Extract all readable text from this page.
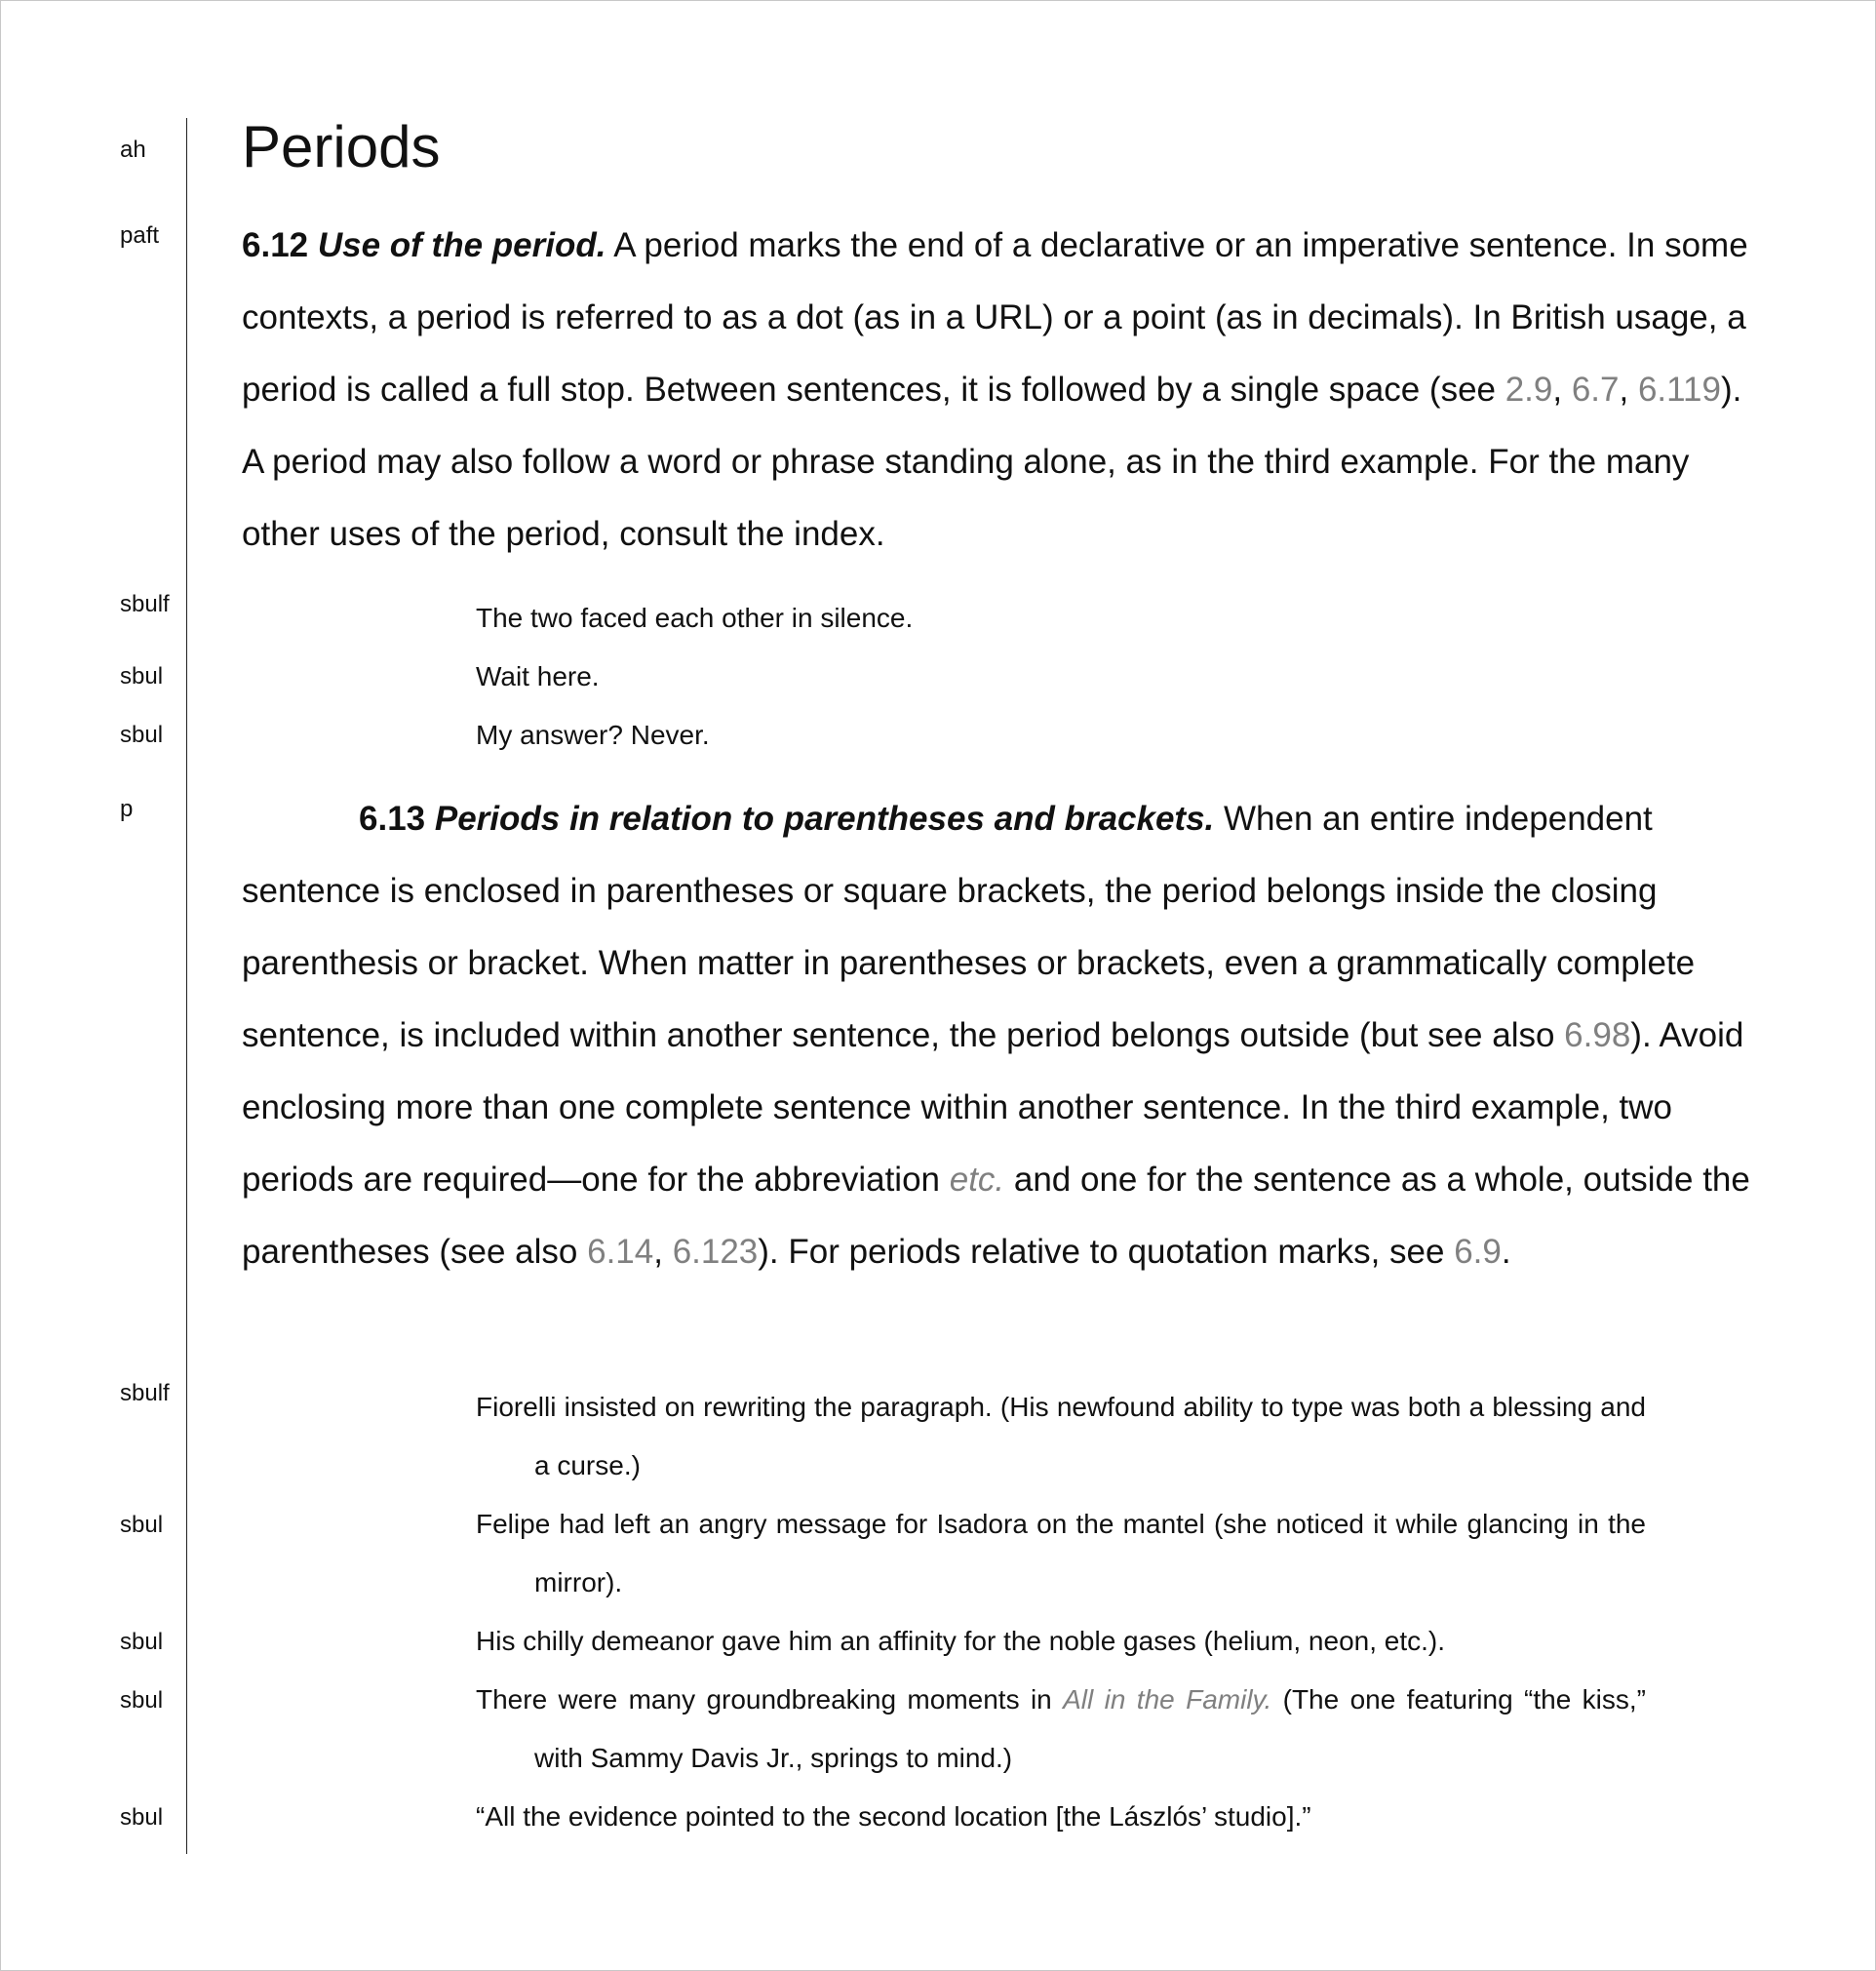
ah
paft
sbulf
sbul
sbul
p
sbulf
sbul
sbul
sbul
sbul
Periods

6.12 Use of the period. A period marks the end of a declarative or an imperative sentence. In some contexts, a period is referred to as a dot (as in a URL) or a point (as in decimals). In British usage, a period is called a full stop. Between sentences, it is followed by a single space (see 2.9, 6.7, 6.119). A period may also follow a word or phrase standing alone, as in the third example. For the many other uses of the period, consult the index.

The two faced each other in silence.
Wait here.
My answer? Never.

6.13 Periods in relation to parentheses and brackets. When an entire independent sentence is enclosed in parentheses or square brackets, the period belongs inside the closing parenthesis or bracket. When matter in parentheses or brackets, even a grammatically complete sentence, is included within another sentence, the period belongs outside (but see also 6.98). Avoid enclosing more than one complete sentence within another sentence. In the third example, two periods are required—one for the abbreviation etc. and one for the sentence as a whole, outside the parentheses (see also 6.14, 6.123). For periods relative to quotation marks, see 6.9.

Fiorelli insisted on rewriting the paragraph. (His newfound ability to type was both a blessing and a curse.)
Felipe had left an angry message for Isadora on the mantel (she noticed it while glancing in the mirror).
His chilly demeanor gave him an affinity for the noble gases (helium, neon, etc.).
There were many groundbreaking moments in All in the Family. (The one featuring “the kiss,” with Sammy Davis Jr., springs to mind.)
“All the evidence pointed to the second location [the Lászlós’ studio].”
